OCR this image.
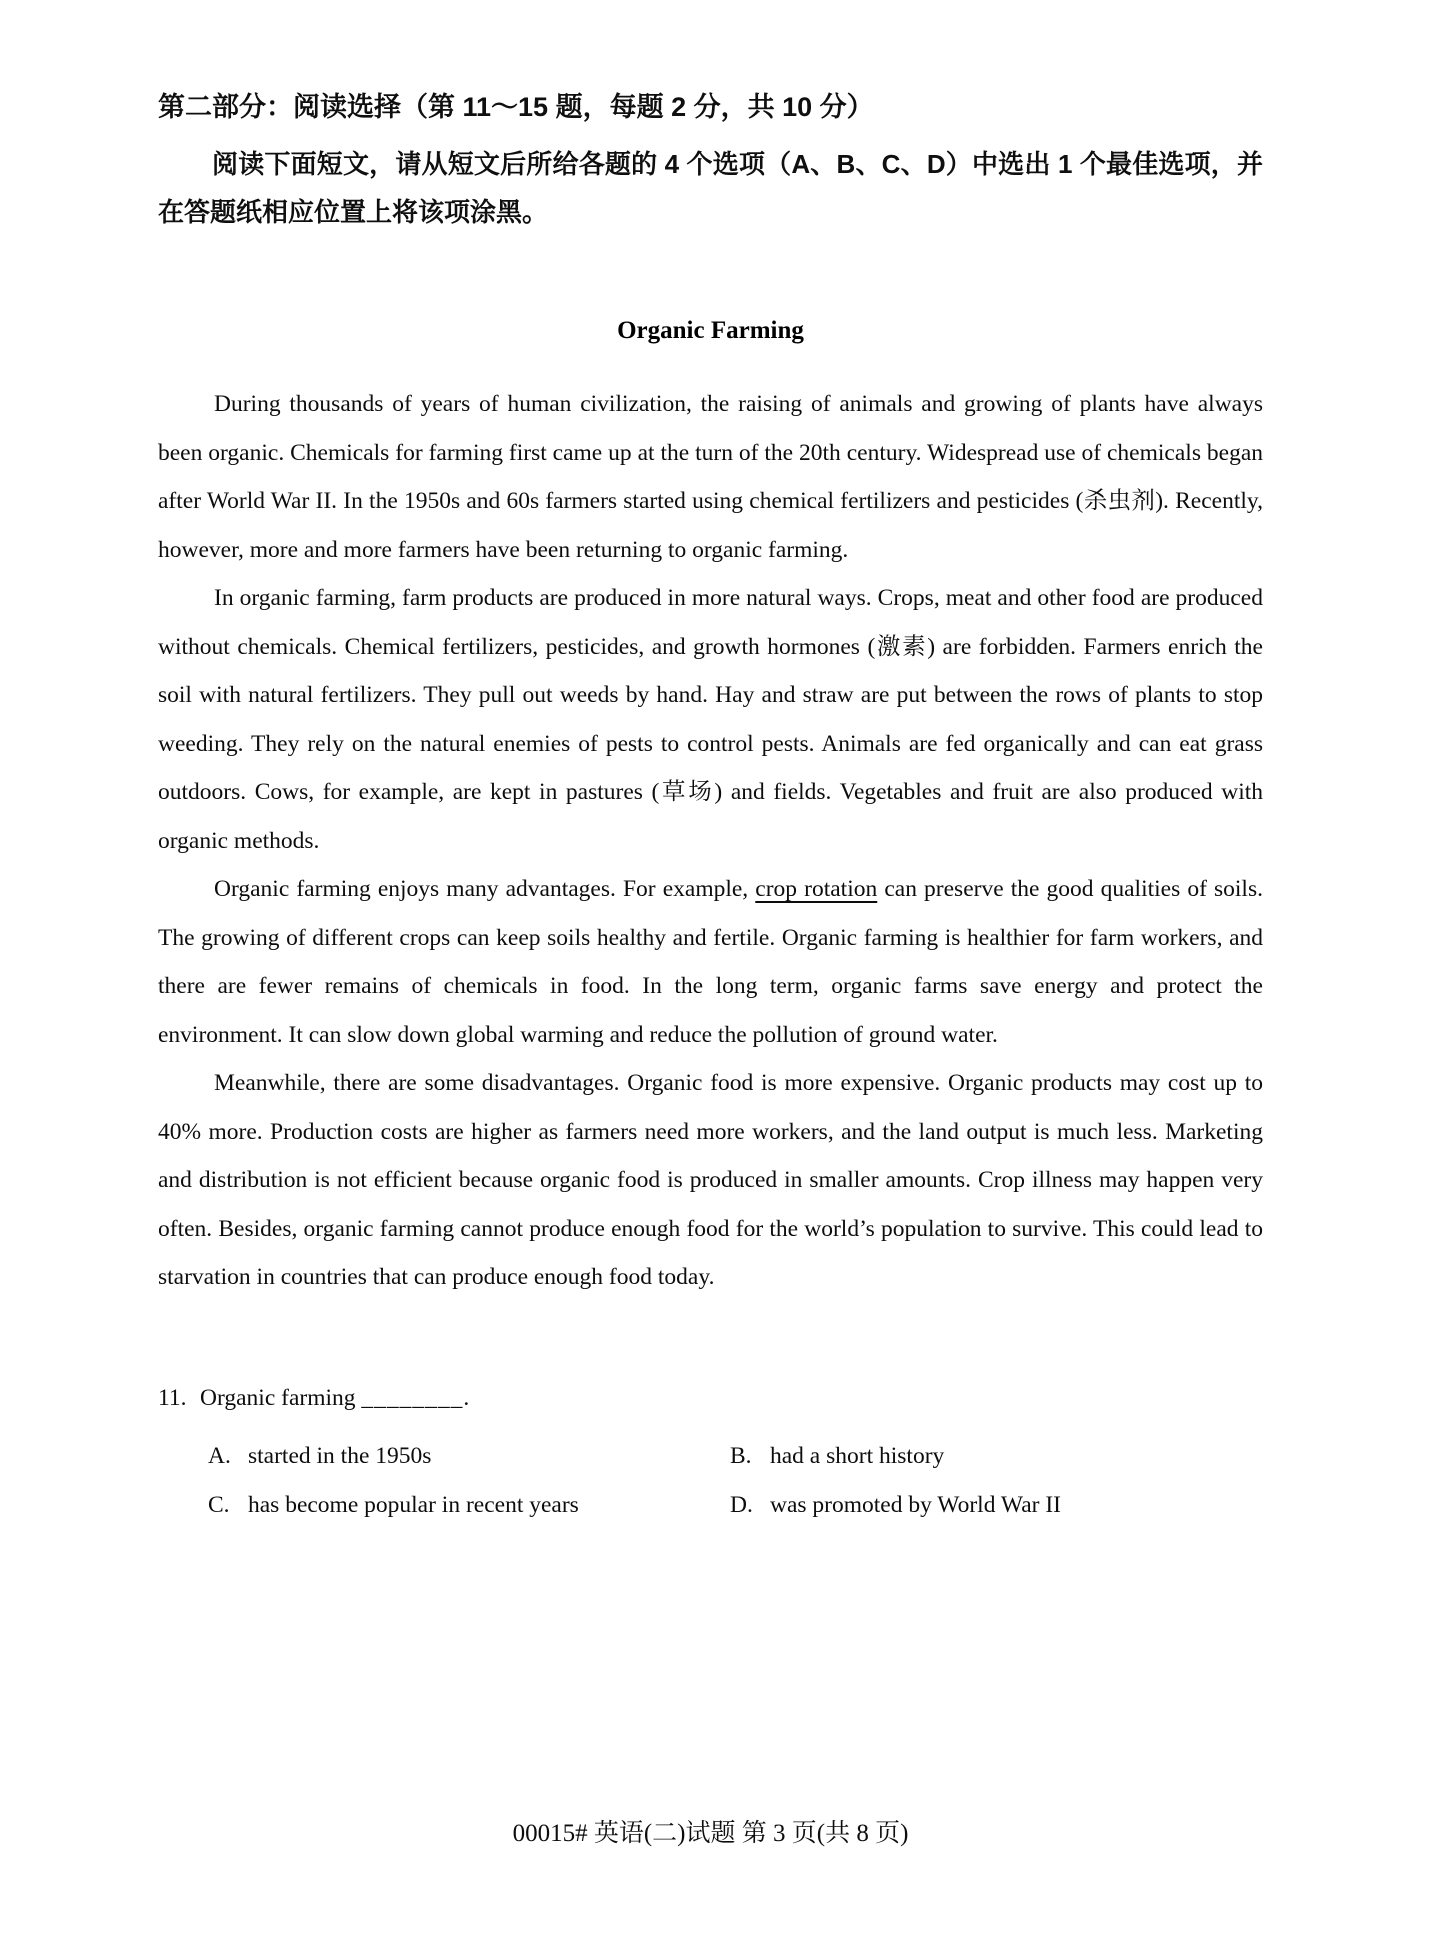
第二部分：阅读选择（第 11～15 题，每题 2 分，共 10 分）
阅读下面短文，请从短文后所给各题的 4 个选项（A、B、C、D）中选出 1 个最佳选项，并在答题纸相应位置上将该项涂黑。
Organic Farming

During thousands of years of human civilization, the raising of animals and growing of plants have always been organic. Chemicals for farming first came up at the turn of the 20th century. Widespread use of chemicals began after World War II. In the 1950s and 60s farmers started using chemical fertilizers and pesticides (杀虫剂). Recently, however, more and more farmers have been returning to organic farming.

In organic farming, farm products are produced in more natural ways. Crops, meat and other food are produced without chemicals. Chemical fertilizers, pesticides, and growth hormones (激素) are forbidden. Farmers enrich the soil with natural fertilizers. They pull out weeds by hand. Hay and straw are put between the rows of plants to stop weeding. They rely on the natural enemies of pests to control pests. Animals are fed organically and can eat grass outdoors. Cows, for example, are kept in pastures (草场) and fields. Vegetables and fruit are also produced with organic methods.

Organic farming enjoys many advantages. For example, crop rotation can preserve the good qualities of soils. The growing of different crops can keep soils healthy and fertile. Organic farming is healthier for farm workers, and there are fewer remains of chemicals in food. In the long term, organic farms save energy and protect the environment. It can slow down global warming and reduce the pollution of ground water.

Meanwhile, there are some disadvantages. Organic food is more expensive. Organic products may cost up to 40% more. Production costs are higher as farmers need more workers, and the land output is much less. Marketing and distribution is not efficient because organic food is produced in smaller amounts. Crop illness may happen very often. Besides, organic farming cannot produce enough food for the world’s population to survive. This could lead to starvation in countries that can produce enough food today.

11. Organic farming ________.
A. started in the 1950s	B. had a short history
C. has become popular in recent years	D. was promoted by World War II
00015# 英语(二)试题 第 3 页(共 8 页)
